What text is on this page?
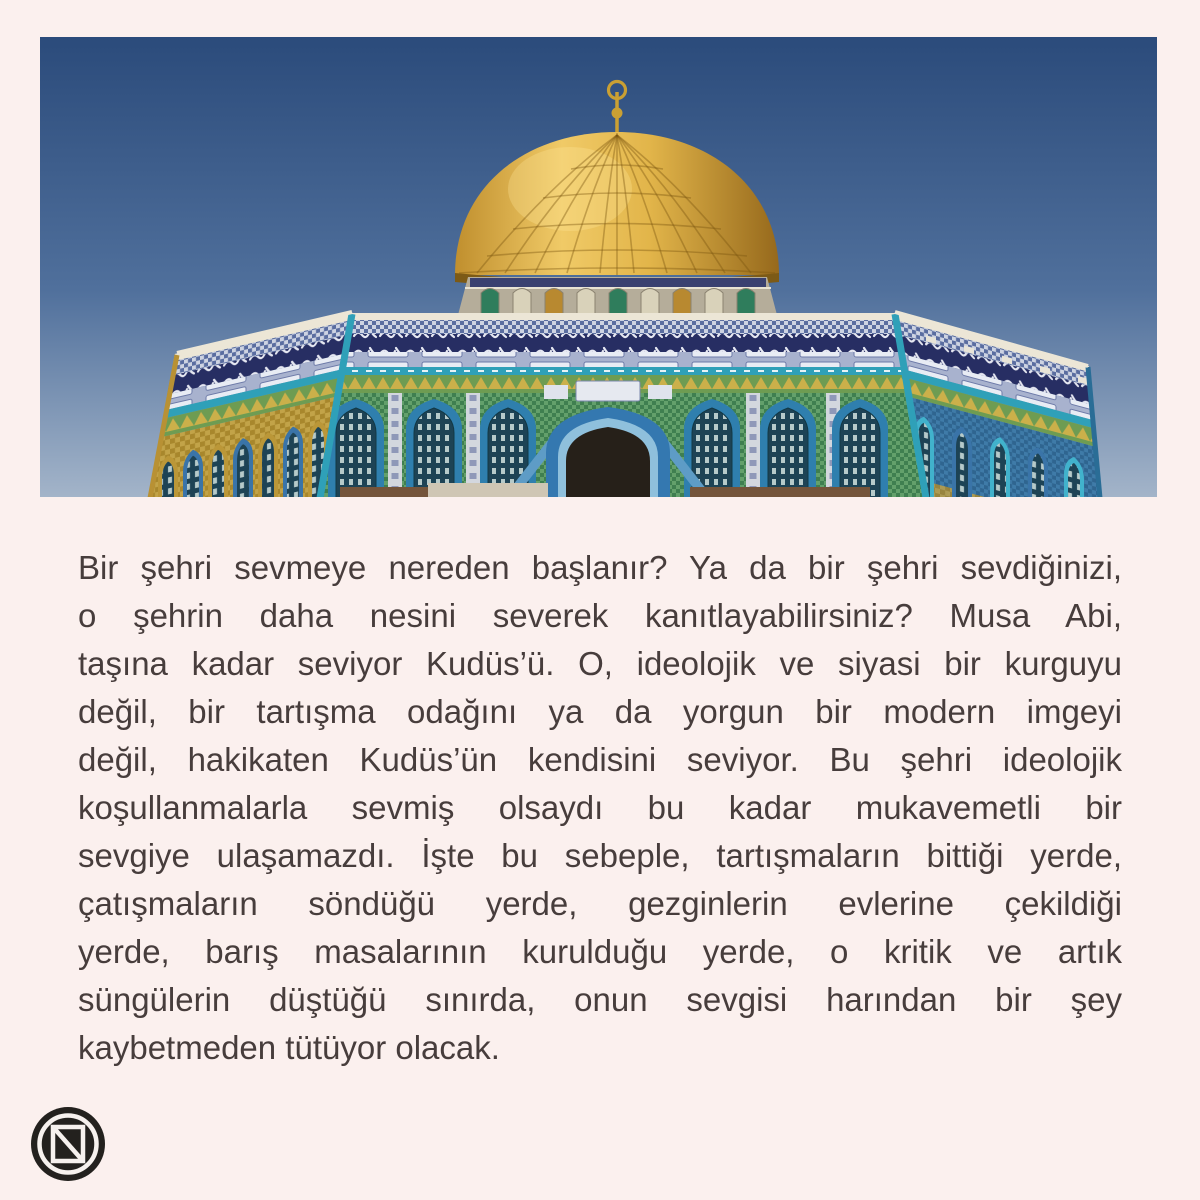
Bir şehri sevmeye nereden başlanır? Ya da bir şehri sevdiğinizi,
o şehrin daha nesini severek kanıtlayabilirsiniz? Musa Abi,
taşına kadar seviyor Kudüs’ü. O, ideolojik ve siyasi bir kurguyu
değil, bir tartışma odağını ya da yorgun bir modern imgeyi
değil, hakikaten Kudüs’ün kendisini seviyor. Bu şehri ideolojik
koşullanmalarla sevmiş olsaydı bu kadar mukavemetli bir
sevgiye ulaşamazdı. İşte bu sebeple, tartışmaların bittiği yerde,
çatışmaların söndüğü yerde, gezginlerin evlerine çekildiği
yerde, barış masalarının kurulduğu yerde, o kritik ve artık
süngülerin düştüğü sınırda, onun sevgisi harından bir şey
kaybetmeden tütüyor olacak.
